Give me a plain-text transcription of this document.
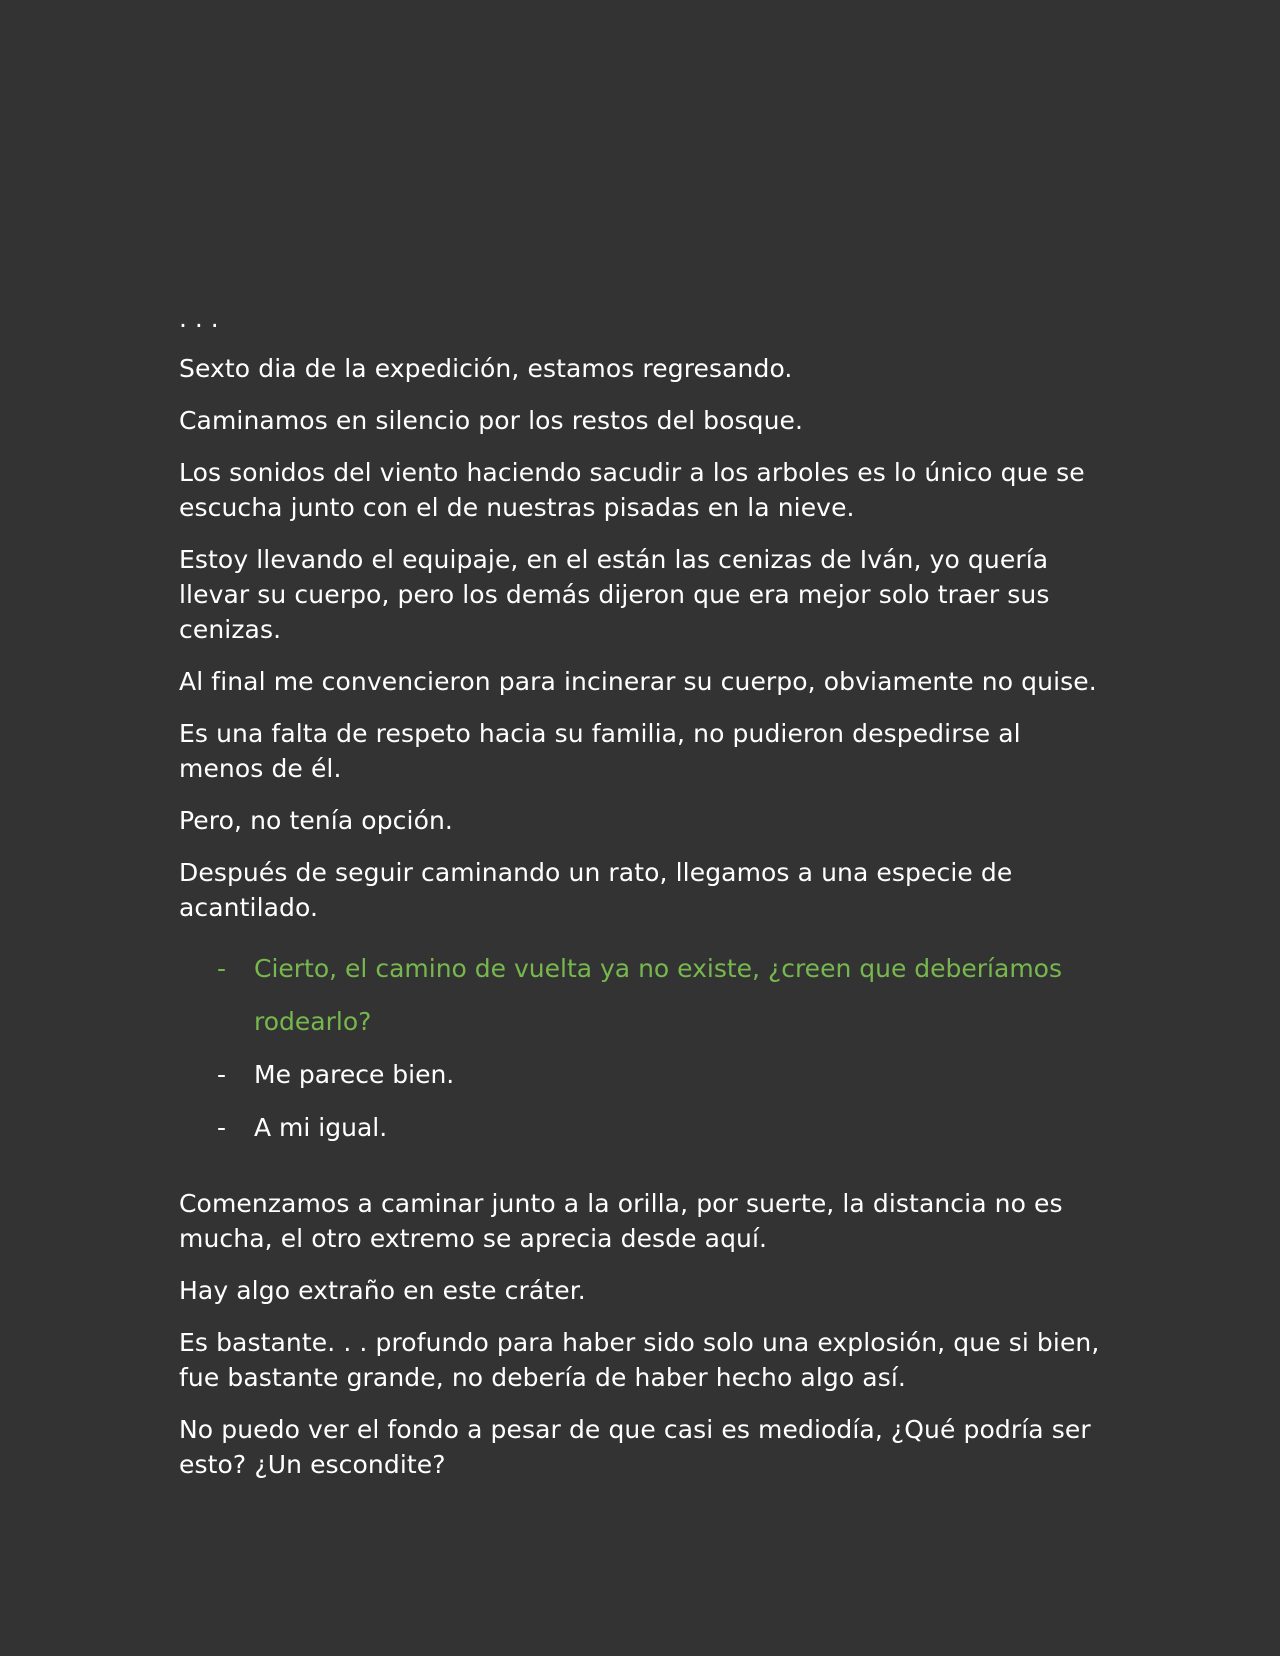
. . .

Sexto dia de la expedición, estamos regresando.

Caminamos en silencio por los restos del bosque.

Los sonidos del viento haciendo sacudir a los arboles es lo único que se escucha junto con el de nuestras pisadas en la nieve.

Estoy llevando el equipaje, en el están las cenizas de Iván, yo quería llevar su cuerpo, pero los demás dijeron que era mejor solo traer sus cenizas.

Al final me convencieron para incinerar su cuerpo, obviamente no quise.

Es una falta de respeto hacia su familia, no pudieron despedirse al menos de él.

Pero, no tenía opción.

Después de seguir caminando un rato, llegamos a una especie de acantilado.

- Cierto, el camino de vuelta ya no existe, ¿creen que deberíamos rodearlo?
- Me parece bien.
- A mi igual.

Comenzamos a caminar junto a la orilla, por suerte, la distancia no es mucha, el otro extremo se aprecia desde aquí.

Hay algo extraño en este cráter.

Es bastante. . . profundo para haber sido solo una explosión, que si bien, fue bastante grande, no debería de haber hecho algo así.

No puedo ver el fondo a pesar de que casi es mediodía, ¿Qué podría ser esto? ¿Un escondite?
